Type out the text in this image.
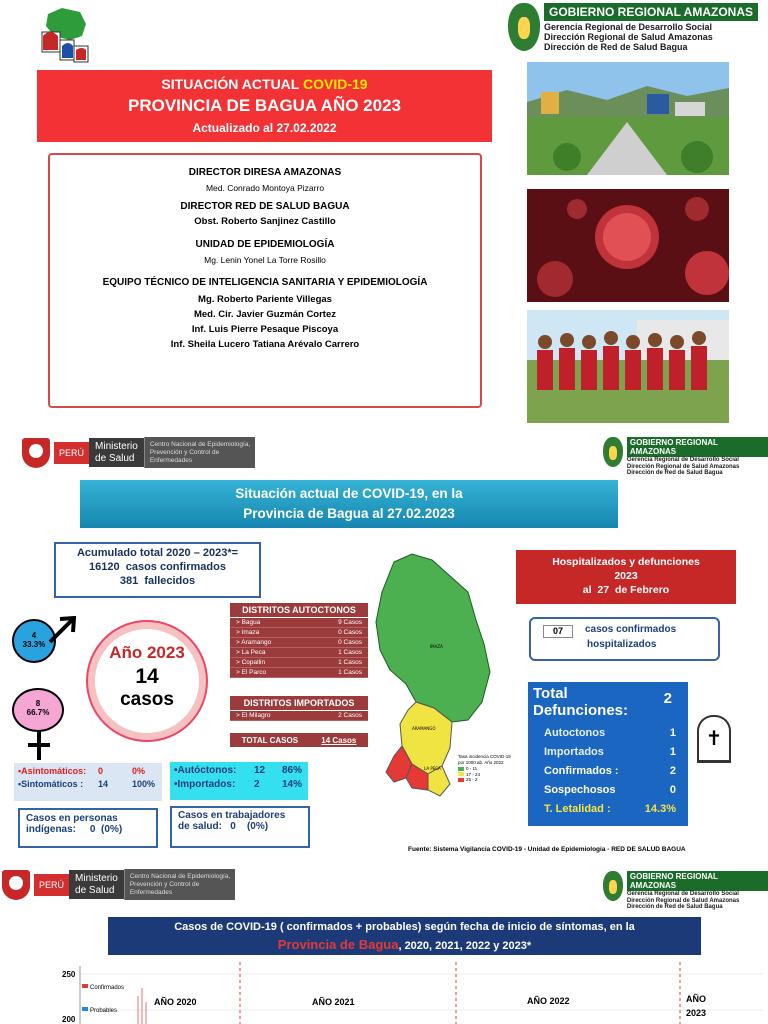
GOBIERNO REGIONAL AMAZONAS
Gerencia Regional de Desarrollo Social
Dirección Regional de Salud Amazonas
Dirección de Red de Salud Bagua
SITUACIÓN ACTUAL COVID-19
PROVINCIA DE BAGUA AÑO 2023
Actualizado al 27.02.2022
DIRECTOR DIRESA AMAZONAS
Med. Conrado Montoya Pizarro
DIRECTOR RED DE SALUD BAGUA
Obst. Roberto Sanjinez Castillo
UNIDAD DE EPIDEMIOLOGÍA
Mg. Lenin Yonel La Torre Rosillo
EQUIPO TÉCNICO DE INTELIGENCIA SANITARIA Y EPIDEMIOLOGÍA
Mg. Roberto Pariente Villegas
Med. Cir. Javier Guzmán Cortez
Inf. Luis Pierre Pesaque Piscoya
Inf. Sheila Lucero Tatiana Arévalo Carrero
PERÚ
Ministerio
de Salud
Centro Nacional de Epidemiología,
Prevención y Control de
Enfermedades
GOBIERNO REGIONAL AMAZONAS
Gerencia Regional de Desarrollo Social
Dirección Regional de Salud Amazonas
Dirección de Red de Salud Bagua
Situación actual de COVID-19, en la
Provincia de Bagua al 27.02.2023
Acumulado total 2020 – 2023*=
16120 casos confirmados
381 fallecidos
4
33.3%
8
66.7%
Año 2023
14
casos
DISTRITOS AUTOCTONOS
> Bagua	9 Casos
> Imaza	0 Casos
> Aramango	0 Casos
> La Peca	1 Casos
> Copallin	1 Casos
> El Parco	1 Casos
DISTRITOS IMPORTADOS
> El Milagro	2 Casos
TOTAL CASOS	14 Casos
•Asintomáticos:	0	0%
•Sintomáticos :	14	100%
•Autóctonos:	12	86%
•Importados:	2	14%
Casos en personas
indígenas: 0 (0%)
Casos en trabajadores
de salud: 0 (0%)
IMAZA
ARAMANGO
LA PECA
Tasa incidencia COVID-19
por 1000 ab. Año 2022
0 - 11
17 - 24
25 - 2
Hospitalizados y defunciones
2023
al 27 de Febrero
07	casos confirmados
hospitalizados
Total
Defunciones:
2
Autoctonos	1
Importados	1
Confirmados :	2
Sospechosos	0
T. Letalidad :	14.3%
✝
Fuente: Sistema Vigilancia COVID-19 - Unidad de Epidemiologia - RED DE SALUD BAGUA
PERÚ
Ministerio
de Salud
Centro Nacional de Epidemiología,
Prevención y Control de
Enfermedades
GOBIERNO REGIONAL AMAZONAS
Gerencia Regional de Desarrollo Social
Dirección Regional de Salud Amazonas
Dirección de Red de Salud Bagua
Casos de COVID-19 ( confirmados + probables) según fecha de inicio de síntomas, en la
Provincia de Bagua, 2020, 2021, 2022 y 2023*
250
200
Confirmados
Probables
AÑO 2020	AÑO 2021	AÑO 2022	AÑO
2023
